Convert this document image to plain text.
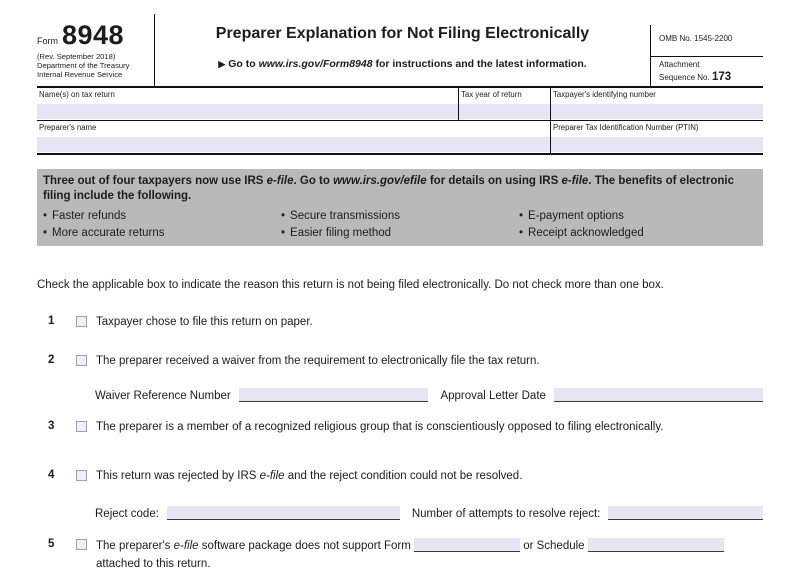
Form 8948
(Rev. September 2018)
Department of the Treasury
Internal Revenue Service
Preparer Explanation for Not Filing Electronically
▶ Go to www.irs.gov/Form8948 for instructions and the latest information.
OMB No. 1545-2200
Attachment
Sequence No. 173
Name(s) on tax return	Tax year of return	Taxpayer's identifying number
Preparer's name	Preparer Tax Identification Number (PTIN)
Three out of four taxpayers now use IRS e-file. Go to www.irs.gov/efile for details on using IRS e-file. The benefits of electronic filing include the following.
• Faster refunds	• Secure transmissions	• E-payment options
• More accurate returns	• Easier filing method	• Receipt acknowledged
Check the applicable box to indicate the reason this return is not being filed electronically. Do not check more than one box.
1	Taxpayer chose to file this return on paper.
2	The preparer received a waiver from the requirement to electronically file the tax return.
Waiver Reference Number	Approval Letter Date
3	The preparer is a member of a recognized religious group that is conscientiously opposed to filing electronically.
4	This return was rejected by IRS e-file and the reject condition could not be resolved.
Reject code:	Number of attempts to resolve reject:
5	The preparer's e-file software package does not support Form	or Schedule
attached to this return.
